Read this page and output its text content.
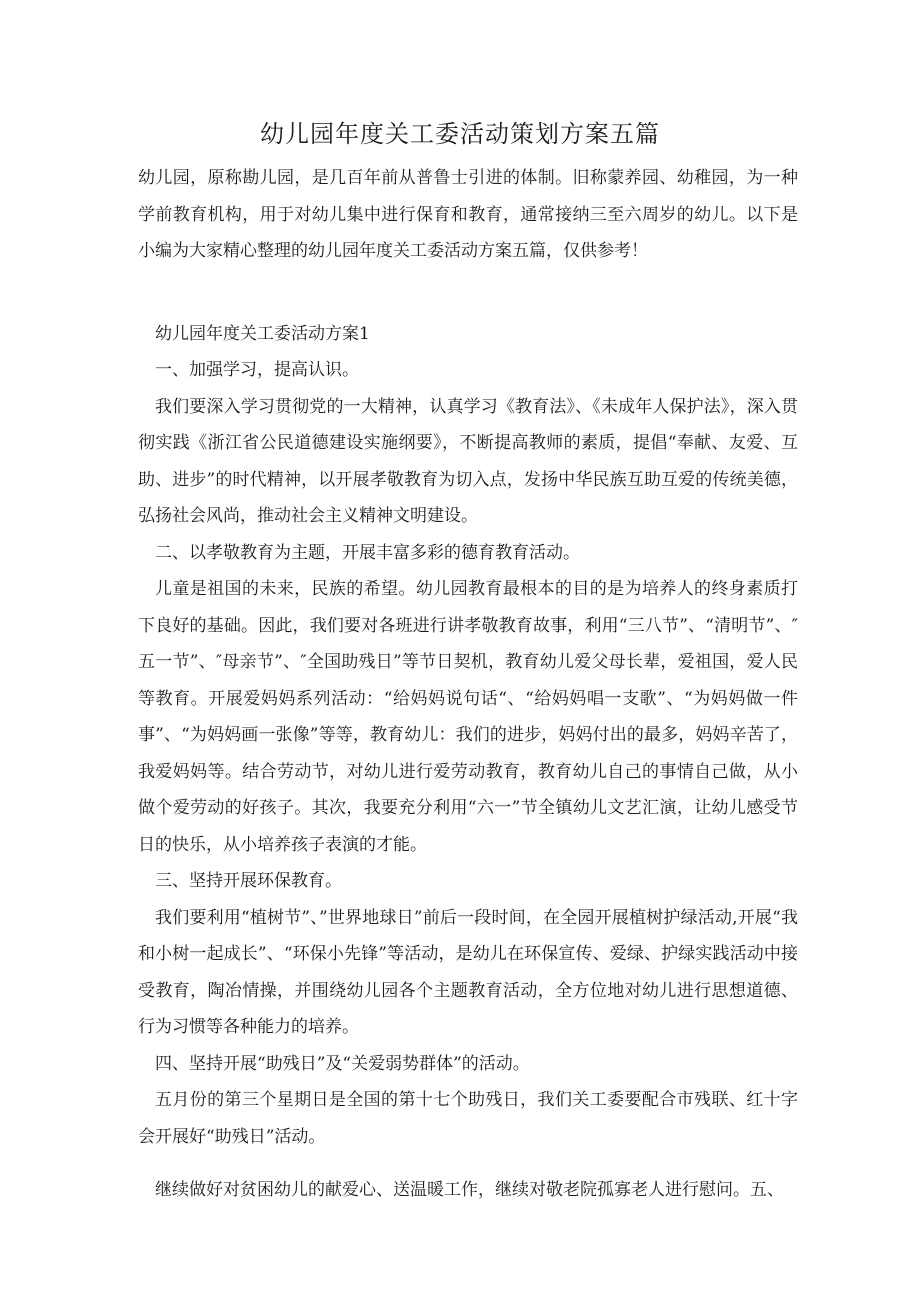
幼儿园年度关工委活动策划方案五篇

幼儿园，原称勘儿园，是几百年前从普鲁士引进的体制。旧称蒙养园、幼稚园，为一种学前教育机构，用于对幼儿集中进行保育和教育，通常接纳三至六周岁的幼儿。以下是小编为大家精心整理的幼儿园年度关工委活动方案五篇，仅供参考！

幼儿园年度关工委活动方案1

一、加强学习，提高认识。

我们要深入学习贯彻党的一大精神，认真学习《教育法》、《未成年人保护法》，深入贯彻实践《浙江省公民道德建设实施纲要》，不断提高教师的素质，提倡“奉献、友爱、互助、进步”的时代精神，以开展孝敬教育为切入点，发扬中华民族互助互爱的传统美德，弘扬社会风尚，推动社会主义精神文明建设。

二、以孝敬教育为主题，开展丰富多彩的德育教育活动。

儿童是祖国的未来，民族的希望。幼儿园教育最根本的目的是为培养人的终身素质打下良好的基础。因此，我们要对各班进行讲孝敬教育故事，利用“三八节”、“清明节”、″五一节”、″母亲节”、″全国助残日”等节日契机，教育幼儿爱父母长辈，爱祖国，爱人民等教育。开展爱妈妈系列活动：“给妈妈说句话“、“给妈妈唱一支歌”、“为妈妈做一件事”、“为妈妈画一张像”等等，教育幼儿：我们的进步，妈妈付出的最多，妈妈辛苦了，我爱妈妈等。结合劳动节，对幼儿进行爱劳动教育，教育幼儿自己的事情自己做，从小做个爱劳动的好孩子。其次，我要充分利用“六一”节全镇幼儿文艺汇演，让幼儿感受节日的快乐，从小培养孩子表演的才能。

三、坚持开展环保教育。

我们要利用“植树节”、”世界地球日”前后一段时间，在全园开展植树护绿活动,开展“我和小树一起成长”、“环保小先锋”等活动，是幼儿在环保宣传、爱绿、护绿实践活动中接受教育，陶冶情操，并围绕幼儿园各个主题教育活动，全方位地对幼儿进行思想道德、行为习惯等各种能力的培养。

四、坚持开展“助残日”及“关爱弱势群体”的活动。

五月份的第三个星期日是全国的第十七个助残日，我们关工委要配合市残联、红十字会开展好“助残日”活动。

继续做好对贫困幼儿的献爱心、送温暖工作，继续对敬老院孤寡老人进行慰问。五、
